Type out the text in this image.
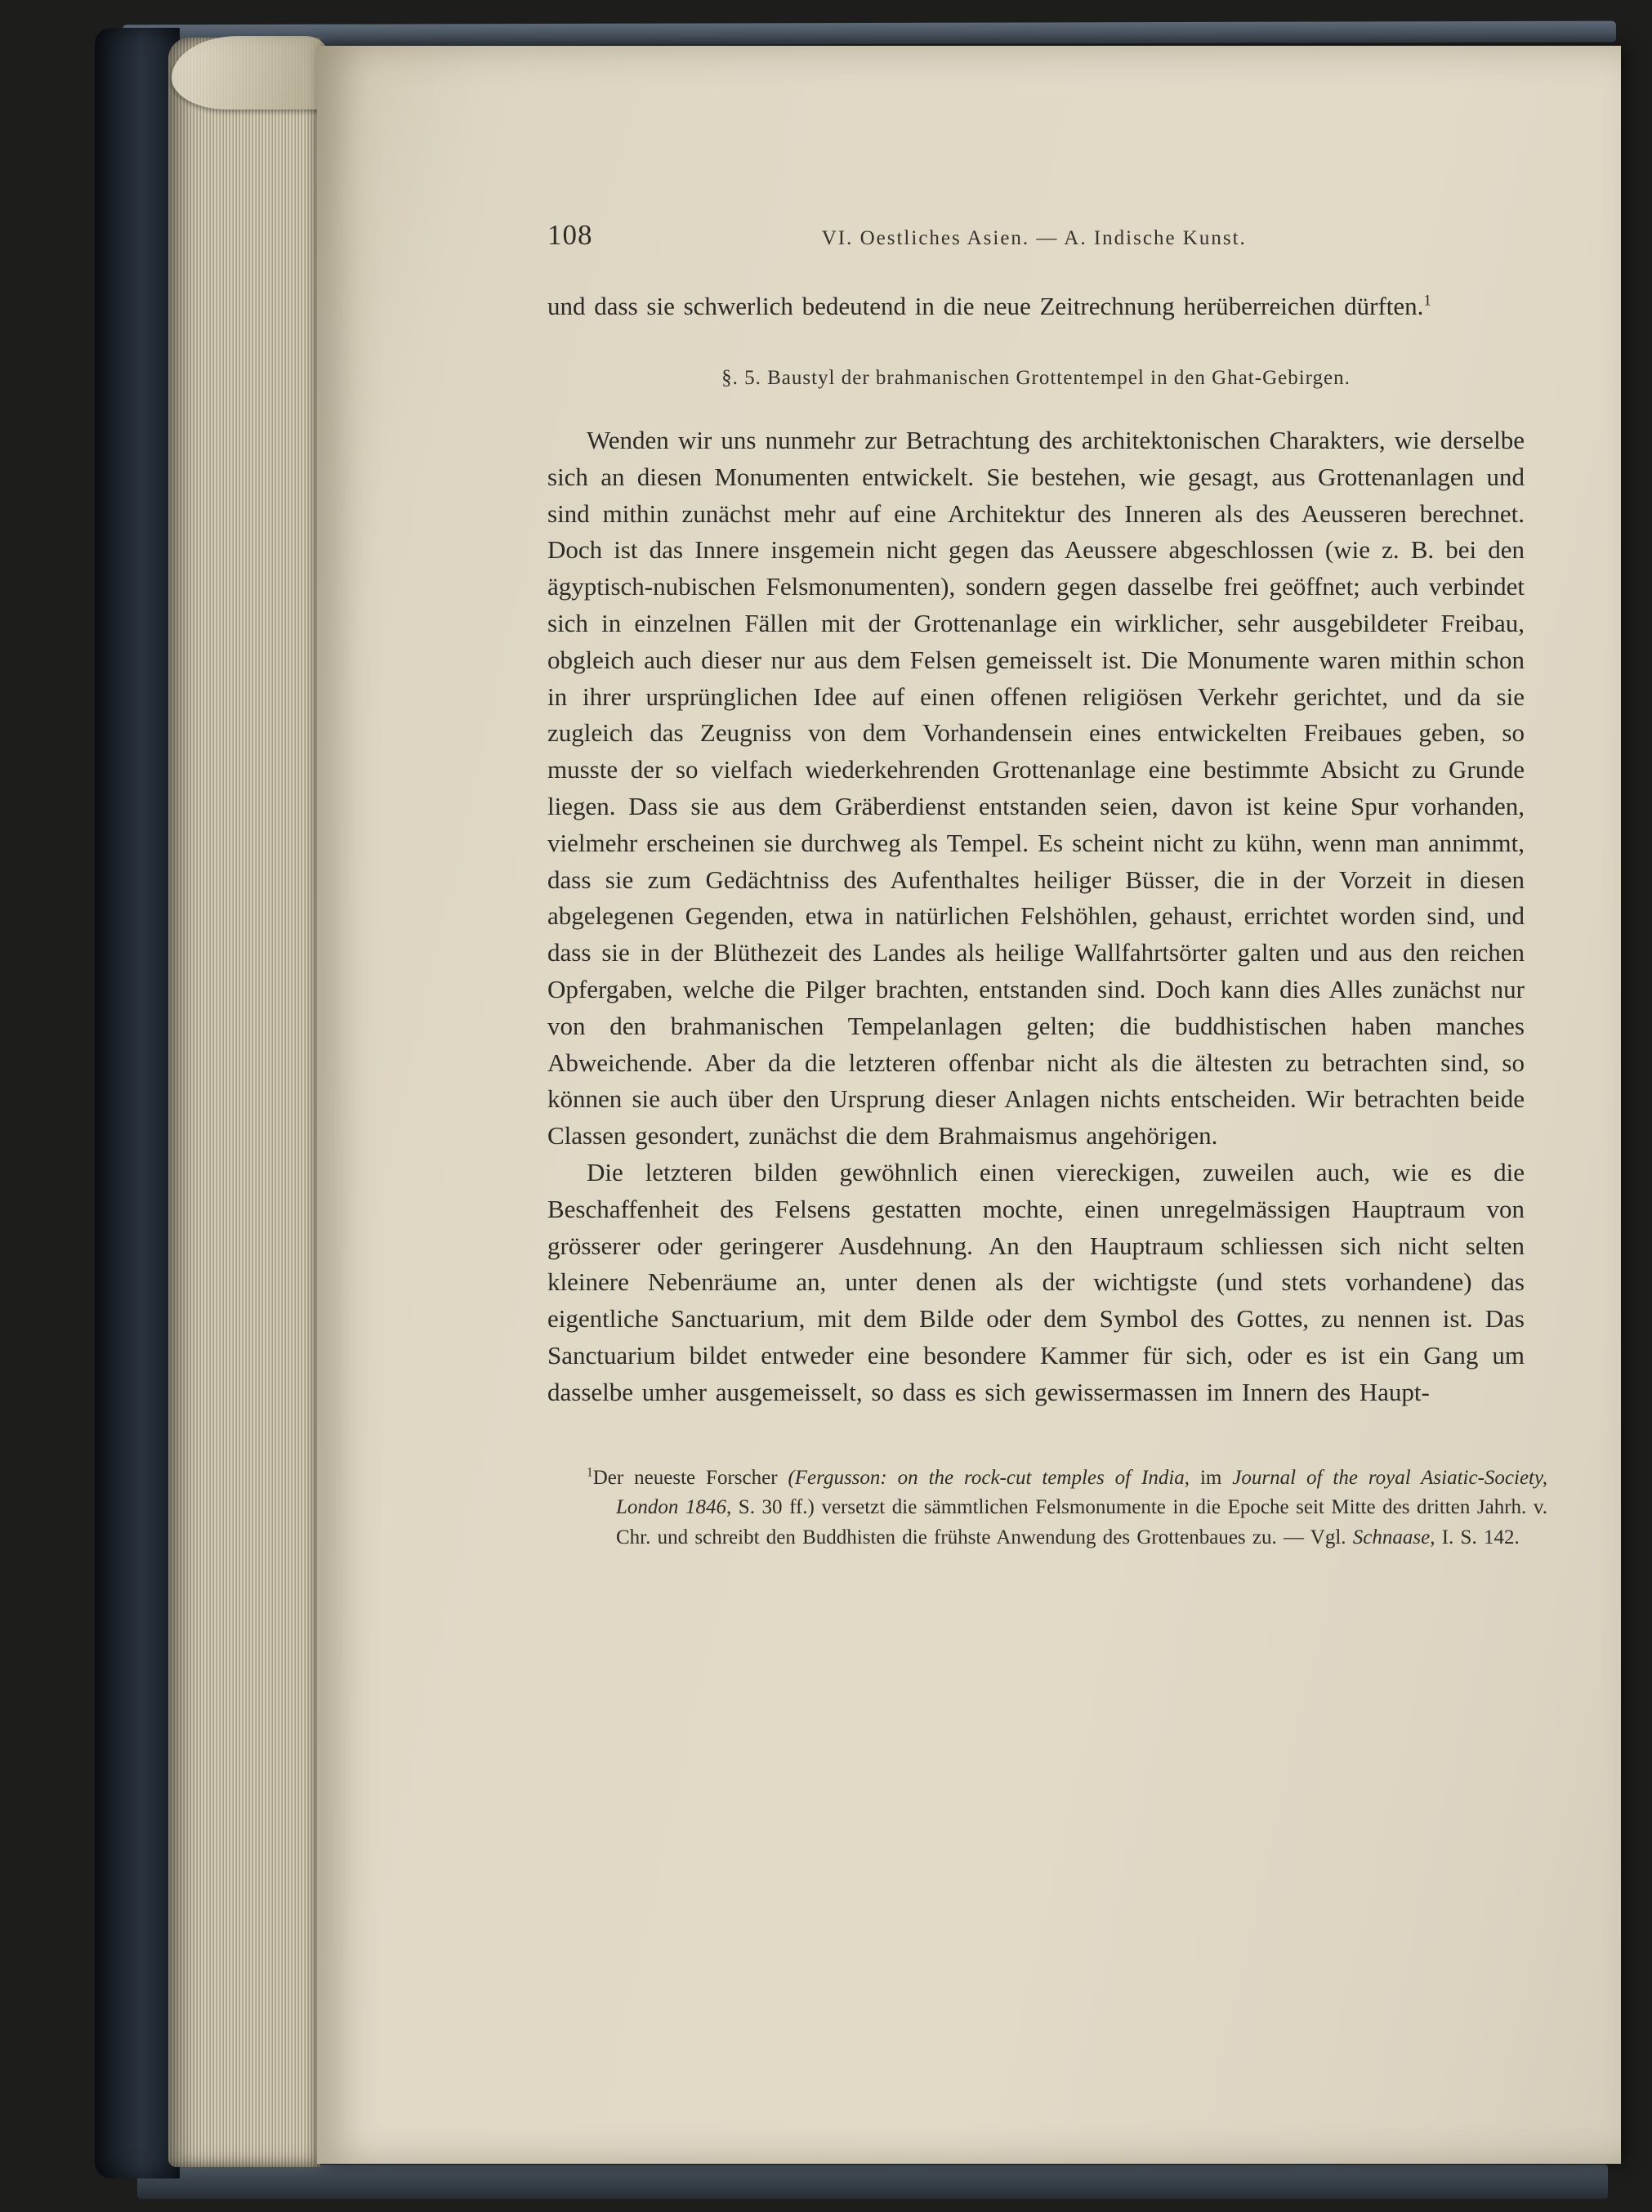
108	VI. Oestliches Asien. — A. Indische Kunst.

und dass sie schwerlich bedeutend in die neue Zeitrechnung herüberreichen dürften.$^1$

§. 5. Baustyl der brahmanischen Grottentempel in den Ghat-Gebirgen.

Wenden wir uns nunmehr zur Betrachtung des architektonischen Charakters, wie derselbe sich an diesen Monumenten entwickelt. Sie bestehen, wie gesagt, aus Grottenanlagen und sind mithin zunächst mehr auf eine Architektur des Inneren als des Aeusseren berechnet. Doch ist das Innere insgemein nicht gegen das Aeussere abgeschlossen (wie z. B. bei den ägyptisch-nubischen Felsmonumenten), sondern gegen dasselbe frei geöffnet; auch verbindet sich in einzelnen Fällen mit der Grottenanlage ein wirklicher, sehr ausgebildeter Freibau, obgleich auch dieser nur aus dem Felsen gemeisselt ist. Die Monumente waren mithin schon in ihrer ursprünglichen Idee auf einen offenen religiösen Verkehr gerichtet, und da sie zugleich das Zeugniss von dem Vorhandensein eines entwickelten Freibaues geben, so musste der so vielfach wiederkehrenden Grottenanlage eine bestimmte Absicht zu Grunde liegen. Dass sie aus dem Gräberdienst entstanden seien, davon ist keine Spur vorhanden, vielmehr erscheinen sie durchweg als Tempel. Es scheint nicht zu kühn, wenn man annimmt, dass sie zum Gedächtniss des Aufenthaltes heiliger Büsser, die in der Vorzeit in diesen abgelegenen Gegenden, etwa in natürlichen Felshöhlen, gehaust, errichtet worden sind, und dass sie in der Blüthezeit des Landes als heilige Wallfahrtsörter galten und aus den reichen Opfergaben, welche die Pilger brachten, entstanden sind. Doch kann dies Alles zunächst nur von den brahmanischen Tempelanlagen gelten; die buddhistischen haben manches Abweichende. Aber da die letzteren offenbar nicht als die ältesten zu betrachten sind, so können sie auch über den Ursprung dieser Anlagen nichts entscheiden. Wir betrachten beide Classen gesondert, zunächst die dem Brahmaismus angehörigen.

Die letzteren bilden gewöhnlich einen viereckigen, zuweilen auch, wie es die Beschaffenheit des Felsens gestatten mochte, einen unregelmässigen Hauptraum von grösserer oder geringerer Ausdehnung. An den Hauptraum schliessen sich nicht selten kleinere Nebenräume an, unter denen als der wichtigste (und stets vorhandene) das eigentliche Sanctuarium, mit dem Bilde oder dem Symbol des Gottes, zu nennen ist. Das Sanctuarium bildet entweder eine besondere Kammer für sich, oder es ist ein Gang um dasselbe umher ausgemeisselt, so dass es sich gewissermassen im Innern des Haupt-

$^1$Der neueste Forscher (Fergusson: on the rock-cut temples of India, im Journal of the royal Asiatic-Society, London 1846, S. 30 ff.) versetzt die sämmtlichen Felsmonumente in die Epoche seit Mitte des dritten Jahrh. v. Chr. und schreibt den Buddhisten die frühste Anwendung des Grottenbaues zu. — Vgl. Schnaase, I. S. 142.
